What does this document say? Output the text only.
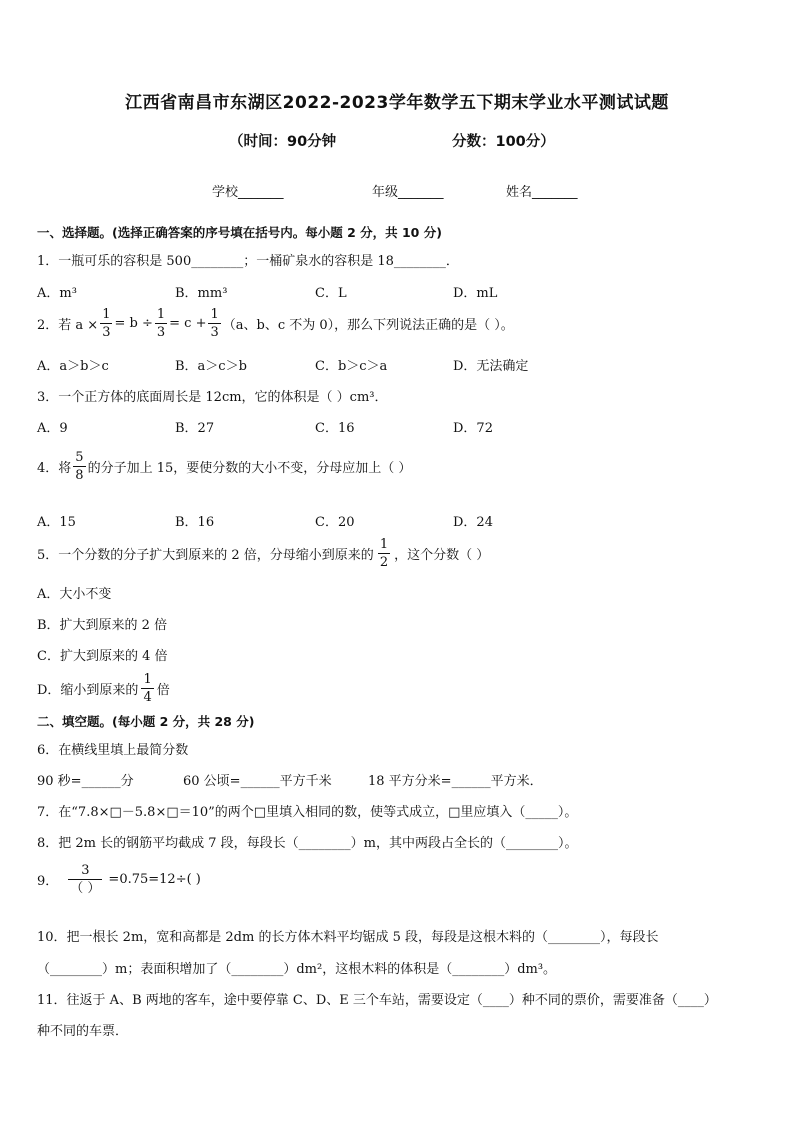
江西省南昌市东湖区2022-2023学年数学五下期末学业水平测试试题
（时间：90分钟	分数：100分）
学校_______	年级_______	姓名_______
一、选择题。(选择正确答案的序号填在括号内。每小题 2 分，共 10 分)
1．一瓶可乐的容积是 500________；一桶矿泉水的容积是 18________．
A．m³	B．mm³	C．L	D．mL
2．若 $a \times \frac{1}{3} = b \div \frac{1}{3} = c + \frac{1}{3} (a$、b、c 不为 0），那么下列说法正确的是（ ）。
A．a＞b＞c	B．a＞c＞b	C．b＞c＞a	D．无法确定
3．一个正方体的底面周长是 12cm，它的体积是（ ）cm³．
A．9	B．27	C．16	D．72
4．将 $\frac{5}{8}$ 的分子加上 15，要使分数的大小不变，分母应加上（ ）
A．15	B．16	C．20	D．24
5．一个分数的分子扩大到原来的 2 倍，分母缩小到原来的 $\frac{1}{2}$ ，这个分数（ ）
A．大小不变
B．扩大到原来的 2 倍
C．扩大到原来的 4 倍
D．缩小到原来的 $\frac{1}{4}$ 倍
二、填空题。(每小题 2 分，共 28 分)
6．在横线里填上最简分数
90 秒=______分	60 公顷=______平方千米	18 平方分米=______平方米．
7．在“7.8×□－5.8×□＝10”的两个□里填入相同的数，使等式成立，□里应填入（_____）。
8．把 2m 长的钢筋平均截成 7 段，每段长（________）m，其中两段占全长的（________）。
9． $\frac{3}{( )} =0.75=12\div$( )
10．把一根长 2m，宽和高都是 2dm 的长方体木料平均锯成 5 段，每段是这根木料的（________），每段长
（________）m；表面积增加了（________）dm²，这根木料的体积是（________）dm³。
11．往返于 A、B 两地的客车，途中要停靠 C、D、E 三个车站，需要设定（____）种不同的票价，需要准备（____）
种不同的车票．
